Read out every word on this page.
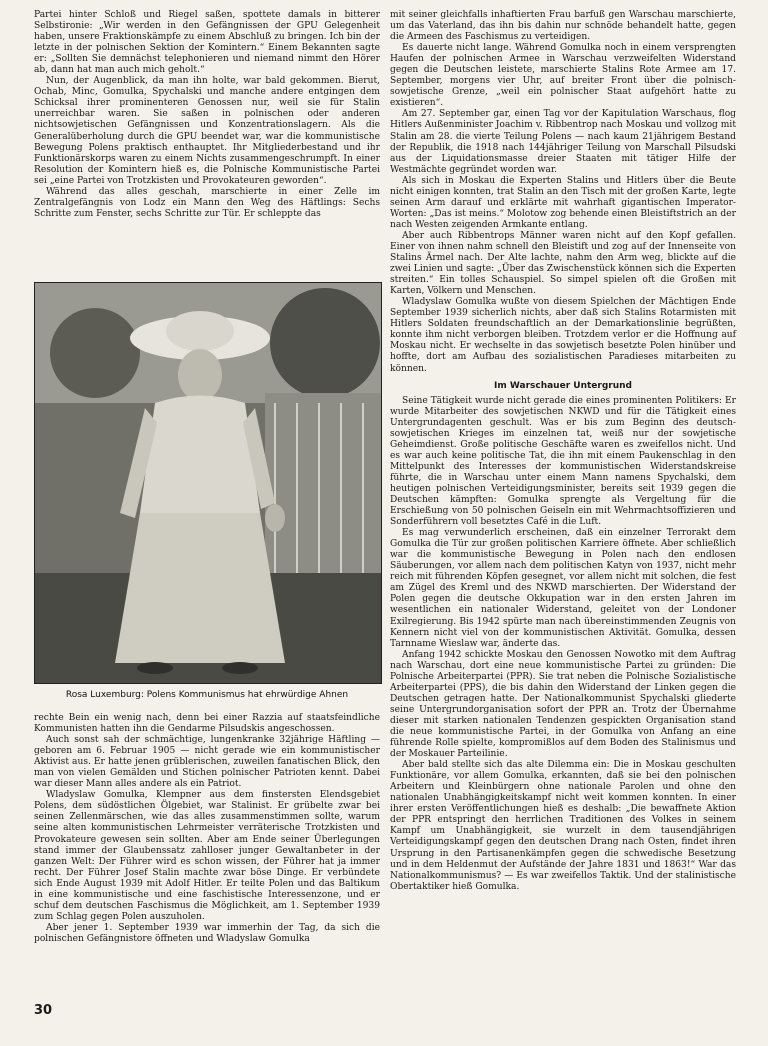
Partei hinter Schloß und Riegel saßen, spottete damals in bitterer Selbstironie: „Wir werden in den Gefängnissen der GPU Gelegenheit haben, unsere Fraktionskämpfe zu einem Abschluß zu bringen. Ich bin der letzte in der polnischen Sektion der Komintern.“ Einem Bekannten sagte er: „Sollten Sie demnächst telephonieren und niemand nimmt den Hörer ab, dann hat man auch mich geholt.“

Nun, der Augenblick, da man ihn holte, war bald gekommen. Bierut, Ochab, Minc, Gomulka, Spychalski und manche andere entgingen dem Schicksal ihrer prominenteren Genossen nur, weil sie für Stalin unerreichbar waren. Sie saßen in polnischen oder anderen nichtsowjetischen Gefängnissen und Konzentrationslagern. Als die Generalüberholung durch die GPU beendet war, war die kommunistische Bewegung Polens praktisch enthauptet. Ihr Mitgliederbestand und ihr Funktionärskorps waren zu einem Nichts zusammengeschrumpft. In einer Resolution der Komintern hieß es, die Polnische Kommunistische Partei sei „eine Partei von Trotzkisten und Provokateuren geworden“.

Während das alles geschah, marschierte in einer Zelle im Zentralgefängnis von Lodz ein Mann den Weg des Häftlings: Sechs Schritte zum Fenster, sechs Schritte zur Tür. Er schleppte das

Rosa Luxemburg: Polens Kommunismus hat ehrwürdige Ahnen

rechte Bein ein wenig nach, denn bei einer Razzia auf staatsfeindliche Kommunisten hatten ihn die Gendarme Pilsudskis angeschossen.

Auch sonst sah der schmächtige, lungenkranke 32jährige Häftling — geboren am 6. Februar 1905 — nicht gerade wie ein kommunistischer Aktivist aus. Er hatte jenen grüblerischen, zuweilen fanatischen Blick, den man von vielen Gemälden und Stichen polnischer Patrioten kennt. Dabei war dieser Mann alles andere als ein Patriot.

Wladyslaw Gomulka, Klempner aus dem finstersten Elendsgebiet Polens, dem südöstlichen Ölgebiet, war Stalinist. Er grübelte zwar bei seinen Zellenmärschen, wie das alles zusammenstimmen sollte, warum seine alten kommunistischen Lehrmeister verräterische Trotzkisten und Provokateure gewesen sein sollten. Aber am Ende seiner Überlegungen stand immer der Glaubenssatz zahlloser junger Gewaltanbeter in der ganzen Welt: Der Führer wird es schon wissen, der Führer hat ja immer recht. Der Führer Josef Stalin machte zwar böse Dinge. Er verbündete sich Ende August 1939 mit Adolf Hitler. Er teilte Polen und das Baltikum in eine kommunistische und eine faschistische Interessenzone, und er schuf dem deutschen Faschismus die Möglichkeit, am 1. September 1939 zum Schlag gegen Polen auszuholen.

Aber jener 1. September 1939 war immerhin der Tag, da sich die polnischen Gefängnistore öffneten und Wladyslaw Gomulka

mit seiner gleichfalls inhaftierten Frau barfuß gen Warschau marschierte, um das Vaterland, das ihn bis dahin nur schnöde behandelt hatte, gegen die Armeen des Faschismus zu verteidigen.

Es dauerte nicht lange. Während Gomulka noch in einem versprengten Haufen der polnischen Armee in Warschau verzweifelten Widerstand gegen die Deutschen leistete, marschierte Stalins Rote Armee am 17. September, morgens vier Uhr, auf breiter Front über die polnisch-sowjetische Grenze, „weil ein polnischer Staat aufgehört hatte zu existieren“.

Am 27. September gar, einen Tag vor der Kapitulation Warschaus, flog Hitlers Außenminister Joachim v. Ribbentrop nach Moskau und vollzog mit Stalin am 28. die vierte Teilung Polens — nach kaum 21jährigem Bestand der Republik, die 1918 nach 144jähriger Teilung von Marschall Pilsudski aus der Liquidationsmasse dreier Staaten mit tätiger Hilfe der Westmächte gegründet worden war.

Als sich in Moskau die Experten Stalins und Hitlers über die Beute nicht einigen konnten, trat Stalin an den Tisch mit der großen Karte, legte seinen Arm darauf und erklärte mit wahrhaft gigantischen Imperator-Worten: „Das ist meins.“ Molotow zog behende einen Bleistiftstrich an der nach Westen zeigenden Armkante entlang.

Aber auch Ribbentrops Männer waren nicht auf den Kopf gefallen. Einer von ihnen nahm schnell den Bleistift und zog auf der Innenseite von Stalins Ärmel nach. Der Alte lachte, nahm den Arm weg, blickte auf die zwei Linien und sagte: „Über das Zwischenstück können sich die Experten streiten.“ Ein tolles Schauspiel. So simpel spielen oft die Großen mit Karten, Völkern und Menschen.

Wladyslaw Gomulka wußte von diesem Spielchen der Mächtigen Ende September 1939 sicherlich nichts, aber daß sich Stalins Rotarmisten mit Hitlers Soldaten freundschaftlich an der Demarkationslinie begrüßten, konnte ihm nicht verborgen bleiben. Trotzdem verlor er die Hoffnung auf Moskau nicht. Er wechselte in das sowjetisch besetzte Polen hinüber und hoffte, dort am Aufbau des sozialistischen Paradieses mitarbeiten zu können.

Im Warschauer Untergrund

Seine Tätigkeit wurde nicht gerade die eines prominenten Politikers: Er wurde Mitarbeiter des sowjetischen NKWD und für die Tätigkeit eines Untergrundagenten geschult. Was er bis zum Beginn des deutsch-sowjetischen Krieges im einzelnen tat, weiß nur der sowjetische Geheimdienst. Große politische Geschäfte waren es zweifellos nicht. Und es war auch keine politische Tat, die ihn mit einem Paukenschlag in den Mittelpunkt des Interesses der kommunistischen Widerstandskreise führte, die in Warschau unter einem Mann namens Spychalski, dem heutigen polnischen Verteidigungsminister, bereits seit 1939 gegen die Deutschen kämpften: Gomulka sprengte als Vergeltung für die Erschießung von 50 polnischen Geiseln ein mit Wehrmachtsoffizieren und Sonderführern voll besetztes Café in die Luft.

Es mag verwunderlich erscheinen, daß ein einzelner Terrorakt dem Gomulka die Tür zur großen politischen Karriere öffnete. Aber schließlich war die kommunistische Bewegung in Polen nach den endlosen Säuberungen, vor allem nach dem politischen Katyn von 1937, nicht mehr reich mit führenden Köpfen gesegnet, vor allem nicht mit solchen, die fest am Zügel des Kreml und des NKWD marschierten. Der Widerstand der Polen gegen die deutsche Okkupation war in den ersten Jahren im wesentlichen ein nationaler Widerstand, geleitet von der Londoner Exilregierung. Bis 1942 spürte man nach übereinstimmenden Zeugnis von Kennern nicht viel von der kommunistischen Aktivität. Gomulka, dessen Tarnname Wieslaw war, änderte das.

Anfang 1942 schickte Moskau den Genossen Nowotko mit dem Auftrag nach Warschau, dort eine neue kommunistische Partei zu gründen: Die Polnische Arbeiterpartei (PPR). Sie trat neben die Polnische Sozialistische Arbeiterpartei (PPS), die bis dahin den Widerstand der Linken gegen die Deutschen getragen hatte. Der Nationalkommunist Spychalski gliederte seine Untergrundorganisation sofort der PPR an. Trotz der Übernahme dieser mit starken nationalen Tendenzen gespickten Organisation stand die neue kommunistische Partei, in der Gomulka von Anfang an eine führende Rolle spielte, kompromißlos auf dem Boden des Stalinismus und der Moskauer Parteilinie.

Aber bald stellte sich das alte Dilemma ein: Die in Moskau geschulten Funktionäre, vor allem Gomulka, erkannten, daß sie bei den polnischen Arbeitern und Kleinbürgern ohne nationale Parolen und ohne den nationalen Unabhängigkeitskampf nicht weit kommen konnten. In einer ihrer ersten Veröffentlichungen hieß es deshalb: „Die bewaffnete Aktion der PPR entspringt den herrlichen Traditionen des Volkes in seinem Kampf um Unabhängigkeit, sie wurzelt in dem tausendjährigen Verteidigungskampf gegen den deutschen Drang nach Osten, findet ihren Ursprung in den Partisanenkämpfen gegen die schwedische Besetzung und in dem Heldenmut der Aufstände der Jahre 1831 und 1863!“ War das Nationalkommunismus? — Es war zweifellos Taktik. Und der stalinistische Obertaktiker hieß Gomulka.

30
